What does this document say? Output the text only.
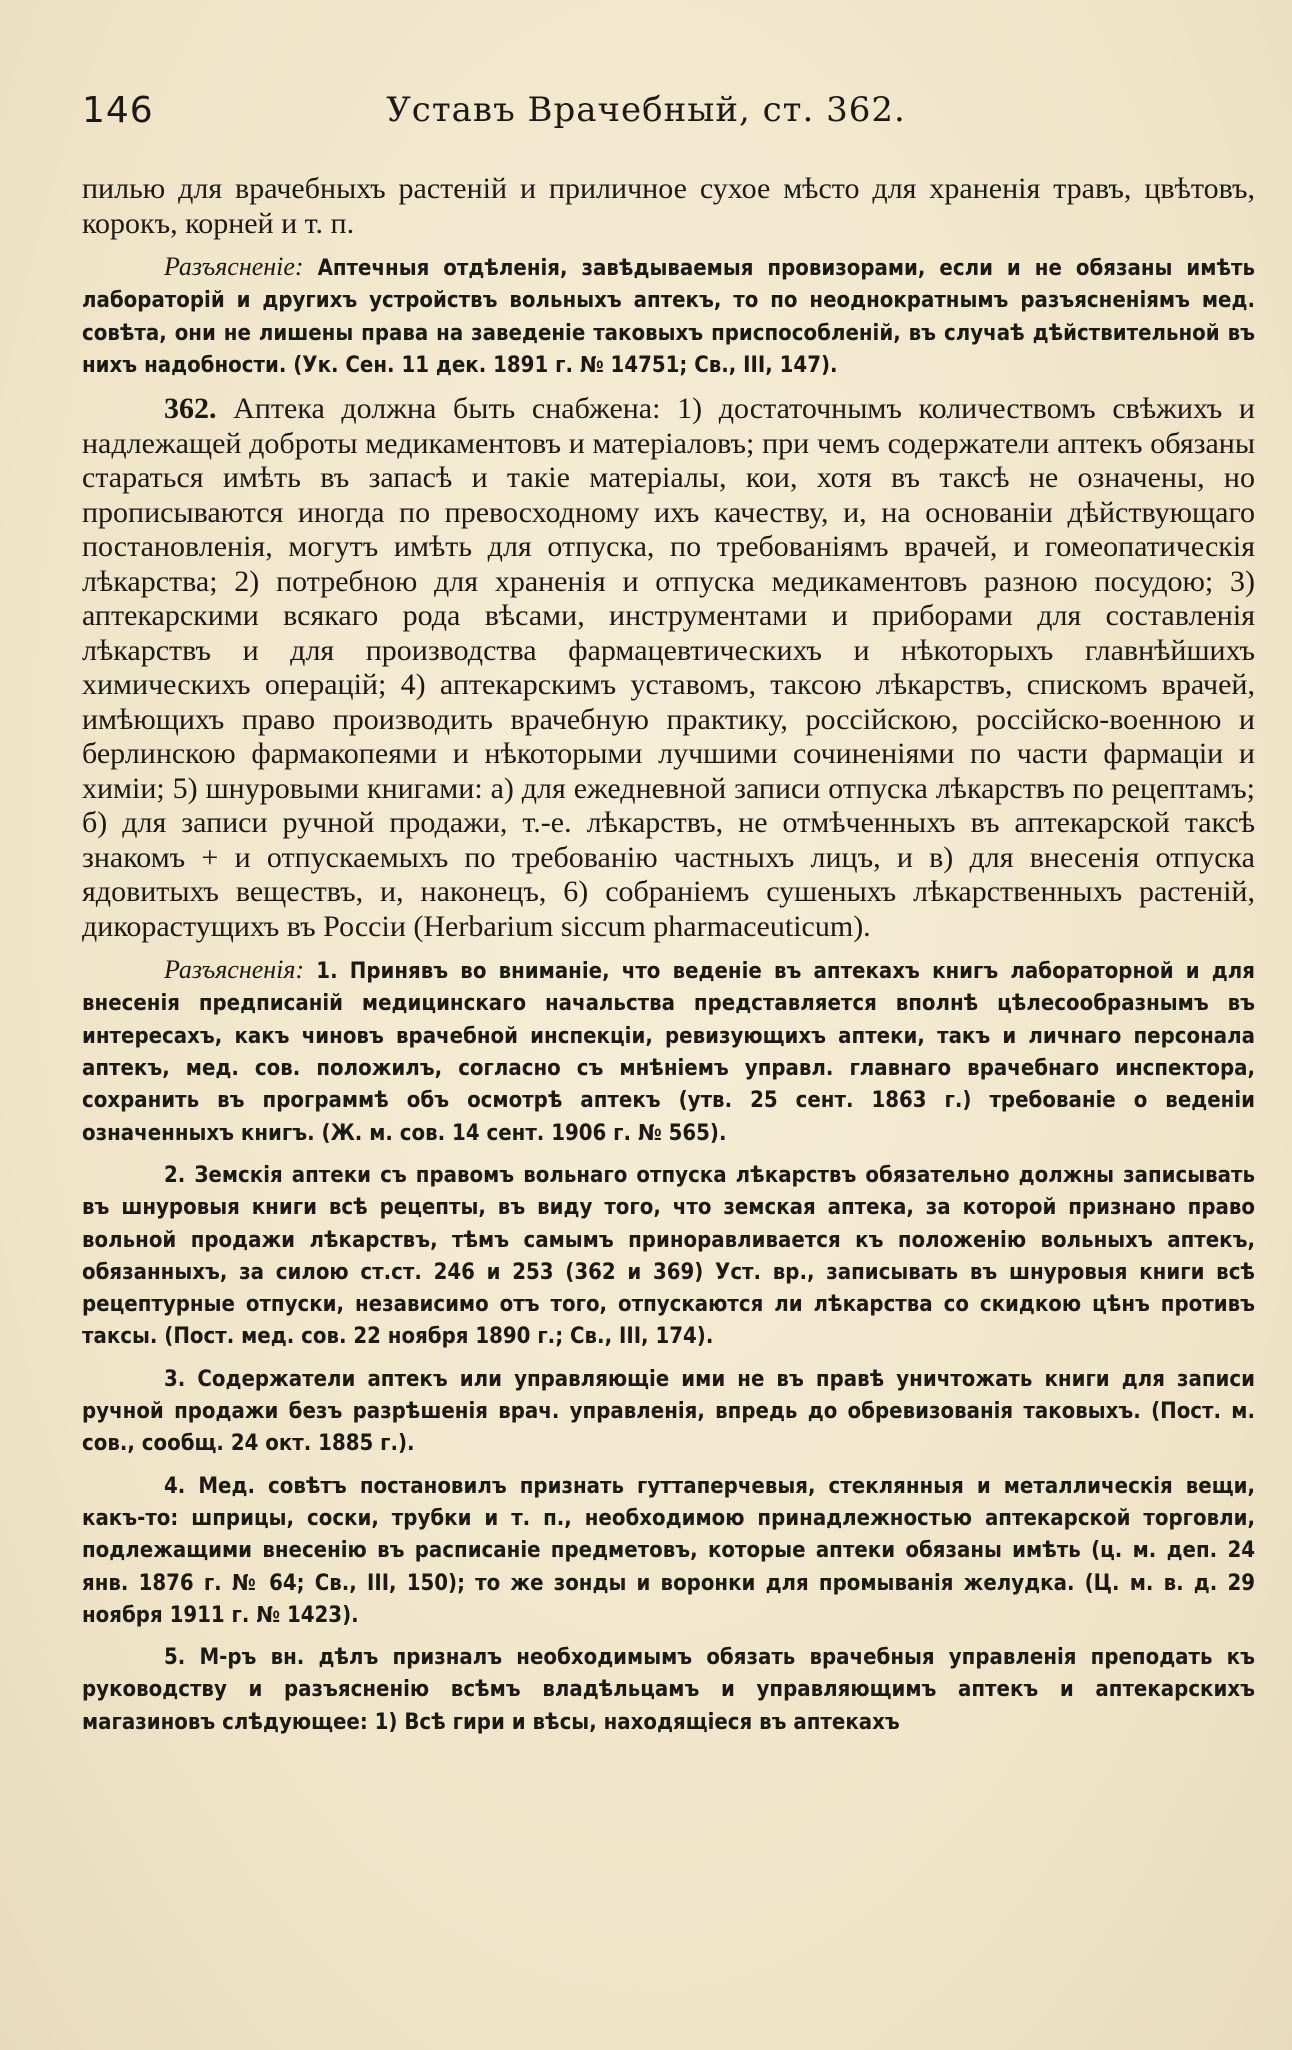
146	Уставъ Врачебный, ст. 362.

пилью для врачебныхъ растеній и приличное сухое мѣсто для храненія травъ, цвѣтовъ, корокъ, корней и т. п.

Разъясненіе: Аптечныя отдѣленія, завѣдываемыя провизорами, если и не обязаны имѣть лабораторій и другихъ устройствъ вольныхъ аптекъ, то по неоднократнымъ разъясненіямъ мед. совѣта, они не лишены права на заведеніе таковыхъ приспособленій, въ случаѣ дѣйствительной въ нихъ надобности. (Ук. Сен. 11 дек. 1891 г. № 14751; Св., III, 147).

362. Аптека должна быть снабжена: 1) достаточнымъ количествомъ свѣжихъ и надлежащей доброты медикаментовъ и матеріаловъ; при чемъ содержатели аптекъ обязаны стараться имѣть въ запасѣ и такіе матеріалы, кои, хотя въ таксѣ не означены, но прописываются иногда по превосходному ихъ качеству, и, на основаніи дѣйствующаго постановленія, могутъ имѣть для отпуска, по требованіямъ врачей, и гомеопатическія лѣкарства; 2) потребною для храненія и отпуска медикаментовъ разною посудою; 3) аптекарскими всякаго рода вѣсами, инструментами и приборами для составленія лѣкарствъ и для производства фармацевтическихъ и нѣкоторыхъ главнѣйшихъ химическихъ операцій; 4) аптекарскимъ уставомъ, таксою лѣкарствъ, спискомъ врачей, имѣющихъ право производить врачебную практику, россійскою, россійско-военною и берлинскою фармакопеями и нѣкоторыми лучшими сочиненіями по части фармаціи и химіи; 5) шнуровыми книгами: а) для ежедневной записи отпуска лѣкарствъ по рецептамъ; б) для записи ручной продажи, т.-е. лѣкарствъ, не отмѣченныхъ въ аптекарской таксѣ знакомъ + и отпускаемыхъ по требованію частныхъ лицъ, и в) для внесенія отпуска ядовитыхъ веществъ, и, наконецъ, 6) собраніемъ сушеныхъ лѣкарственныхъ растеній, дикорастущихъ въ Россіи (Herbarium siccum pharmaceuticum).

Разъясненія: 1. Принявъ во вниманіе, что веденіе въ аптекахъ книгъ лабораторной и для внесенія предписаній медицинскаго начальства представляется вполнѣ цѣлесообразнымъ въ интересахъ, какъ чиновъ врачебной инспекціи, ревизующихъ аптеки, такъ и личнаго персонала аптекъ, мед. сов. положилъ, согласно съ мнѣніемъ управл. главнаго врачебнаго инспектора, сохранить въ программѣ объ осмотрѣ аптекъ (утв. 25 сент. 1863 г.) требованіе о веденіи означенныхъ книгъ. (Ж. м. сов. 14 сент. 1906 г. № 565).

2. Земскія аптеки съ правомъ вольнаго отпуска лѣкарствъ обязательно должны записывать въ шнуровыя книги всѣ рецепты, въ виду того, что земская аптека, за которой признано право вольной продажи лѣкарствъ, тѣмъ самымъ приноравливается къ положенію вольныхъ аптекъ, обязанныхъ, за силою ст.ст. 246 и 253 (362 и 369) Уст. вр., записывать въ шнуровыя книги всѣ рецептурные отпуски, независимо отъ того, отпускаются ли лѣкарства со скидкою цѣнъ противъ таксы. (Пост. мед. сов. 22 ноября 1890 г.; Св., III, 174).

3. Содержатели аптекъ или управляющіе ими не въ правѣ уничтожать книги для записи ручной продажи безъ разрѣшенія врач. управленія, впредь до обревизованія таковыхъ. (Пост. м. сов., сообщ. 24 окт. 1885 г.).

4. Мед. совѣтъ постановилъ признать гуттаперчевыя, стеклянныя и металлическія вещи, какъ-то: шприцы, соски, трубки и т. п., необходимою принадлежностью аптекарской торговли, подлежащими внесенію въ расписаніе предметовъ, которые аптеки обязаны имѣть (ц. м. деп. 24 янв. 1876 г. № 64; Св., III, 150); то же зонды и воронки для промыванія желудка. (Ц. м. в. д. 29 ноября 1911 г. № 1423).

5. М-ръ вн. дѣлъ призналъ необходимымъ обязать врачебныя управленія преподать къ руководству и разъясненію всѣмъ владѣльцамъ и управляющимъ аптекъ и аптекарскихъ магазиновъ слѣдующее: 1) Всѣ гири и вѣсы, находящіеся въ аптекахъ
